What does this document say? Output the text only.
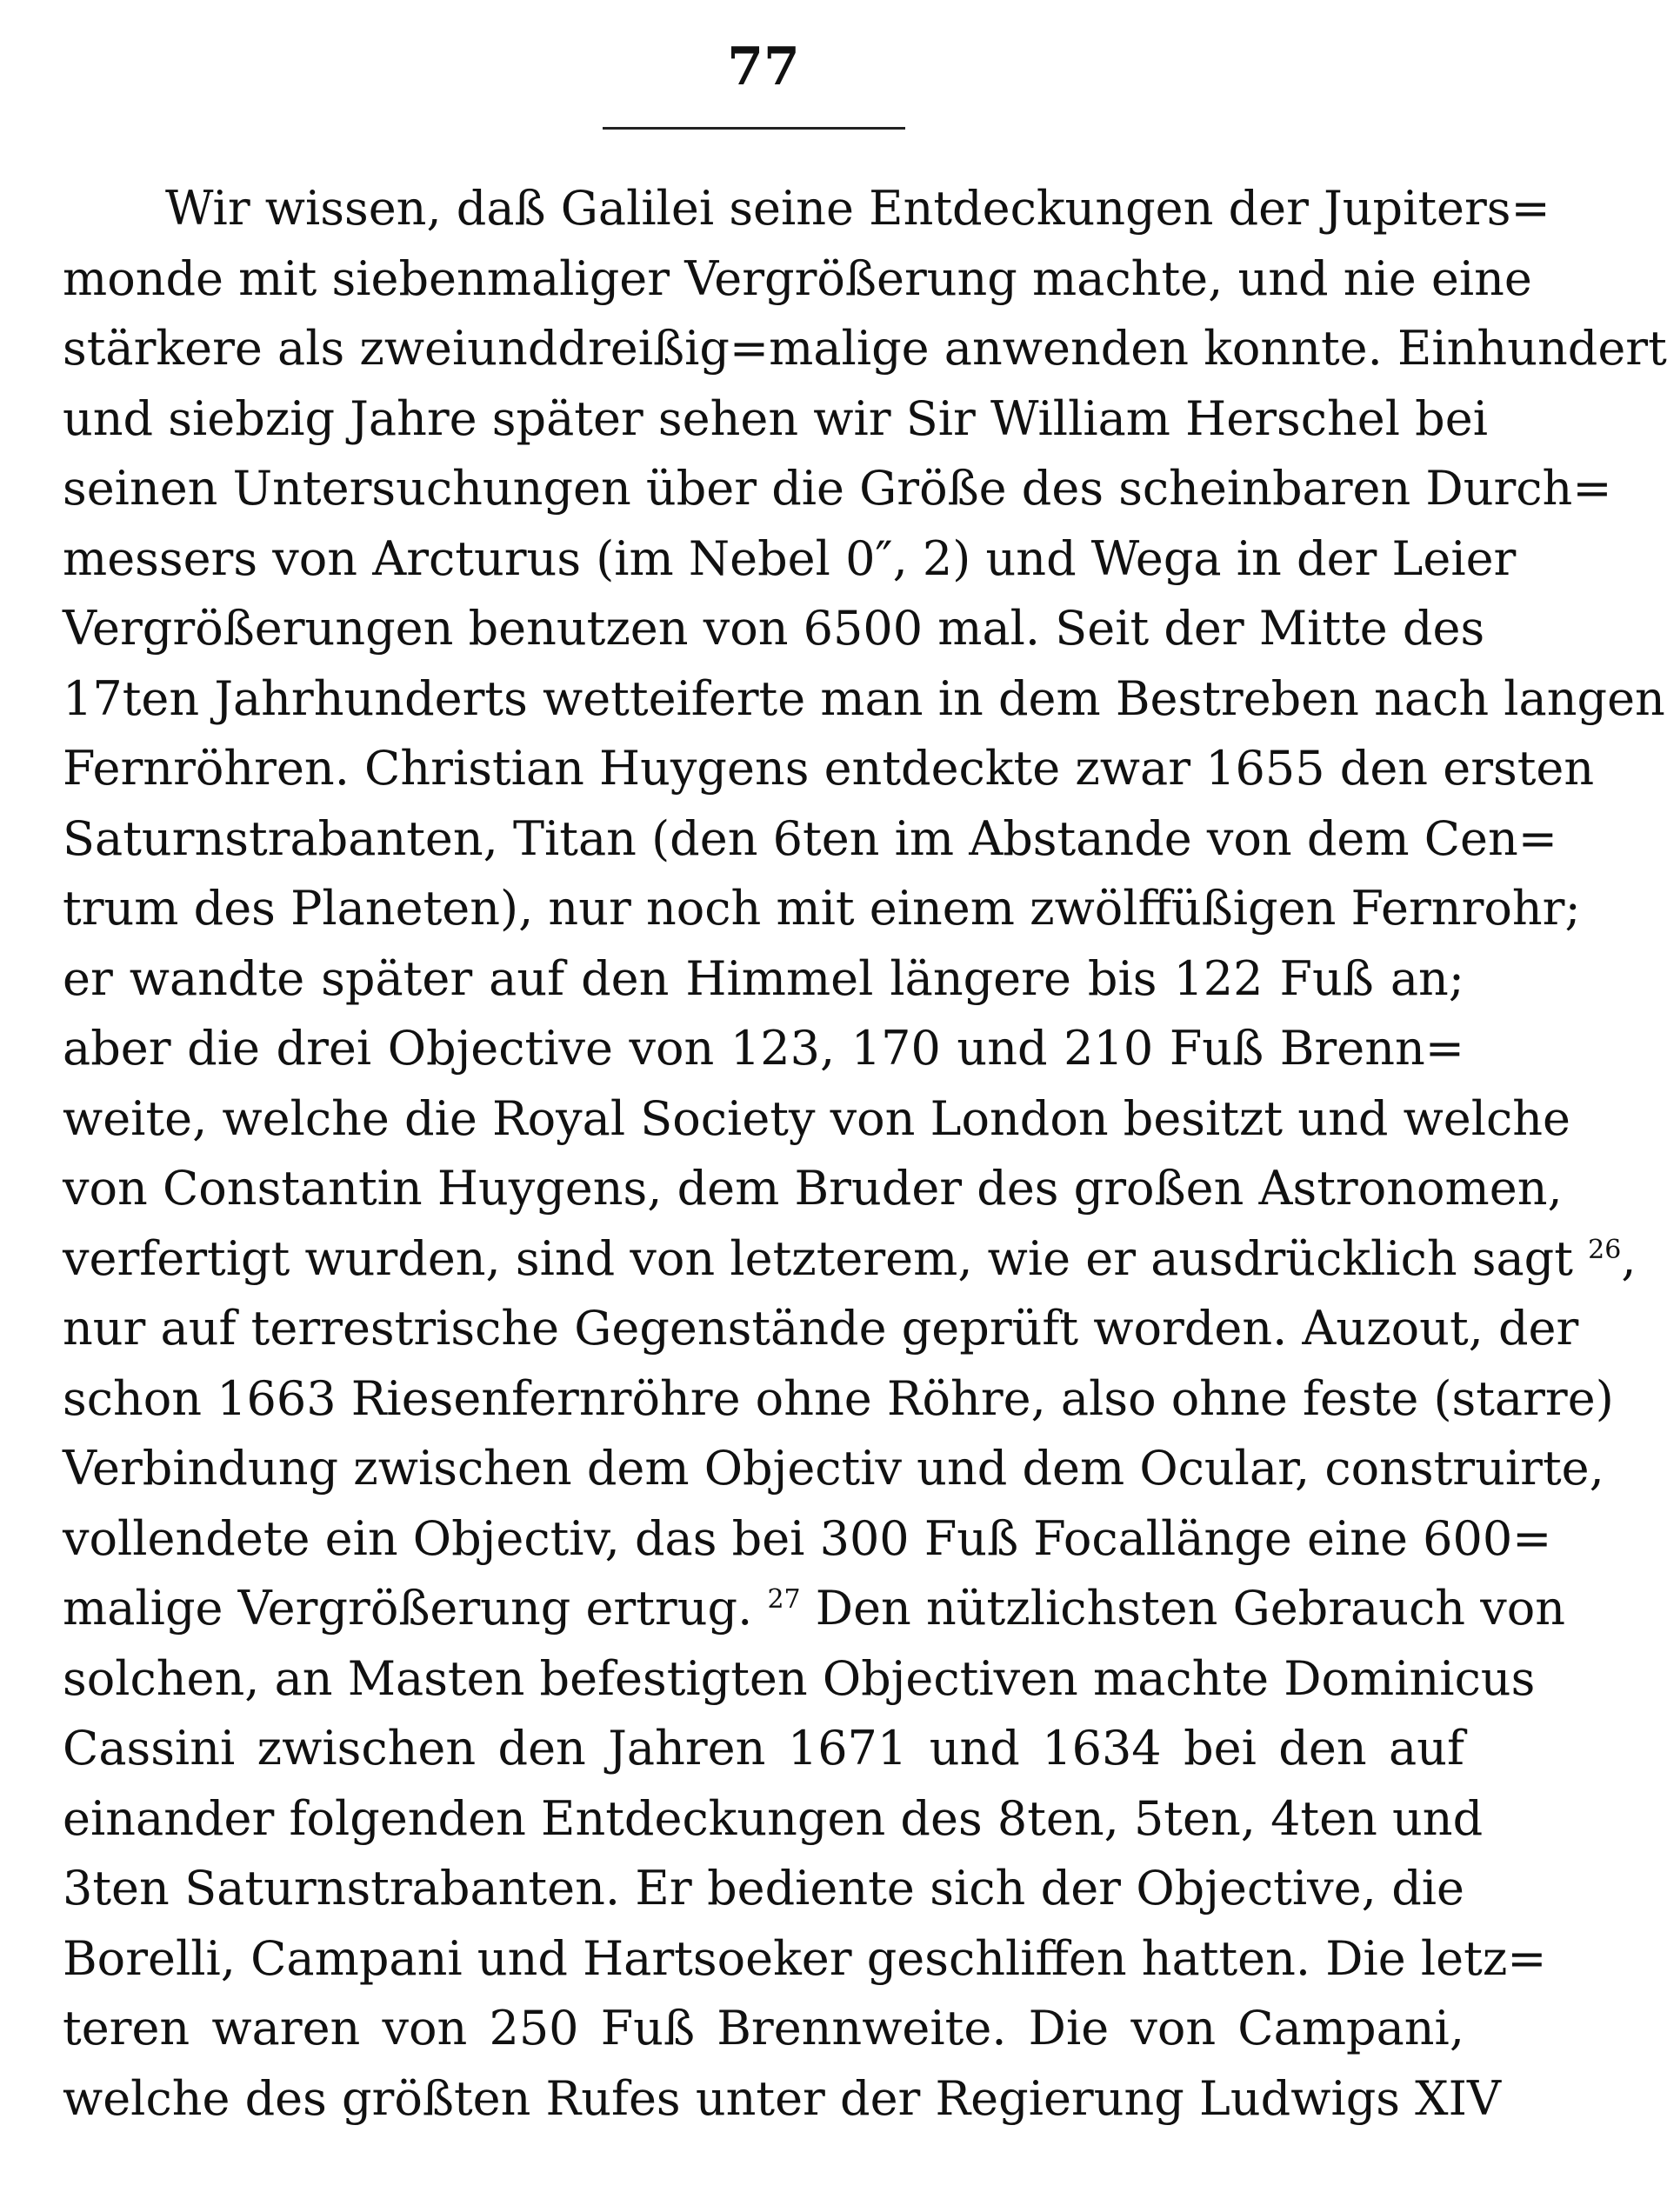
77
Wir wissen, daß Galilei seine Entdeckungen der Jupiters=
monde mit siebenmaliger Vergrößerung machte, und nie eine
stärkere als zweiunddreißig=malige anwenden konnte. Einhundert
und siebzig Jahre später sehen wir Sir William Herschel bei
seinen Untersuchungen über die Größe des scheinbaren Durch=
messers von Arcturus (im Nebel 0″, 2) und Wega in der Leier
Vergrößerungen benutzen von 6500 mal. Seit der Mitte des
17ten Jahrhunderts wetteiferte man in dem Bestreben nach langen
Fernröhren. Christian Huygens entdeckte zwar 1655 den ersten
Saturnstrabanten, Titan (den 6ten im Abstande von dem Cen=
trum des Planeten), nur noch mit einem zwölffüßigen Fernrohr;
er wandte später auf den Himmel längere bis 122 Fuß an;
aber die drei Objective von 123, 170 und 210 Fuß Brenn=
weite, welche die Royal Society von London besitzt und welche
von Constantin Huygens, dem Bruder des großen Astronomen,
verfertigt wurden, sind von letzterem, wie er ausdrücklich sagt $^{26}$,
nur auf terrestrische Gegenstände geprüft worden. Auzout, der
schon 1663 Riesenfernröhre ohne Röhre, also ohne feste (starre)
Verbindung zwischen dem Objectiv und dem Ocular, construirte,
vollendete ein Objectiv, das bei 300 Fuß Focallänge eine 600=
malige Vergrößerung ertrug. $^{27}$ Den nützlichsten Gebrauch von
solchen, an Masten befestigten Objectiven machte Dominicus
Cassini zwischen den Jahren 1671 und 1634 bei den auf
einander folgenden Entdeckungen des 8ten, 5ten, 4ten und
3ten Saturnstrabanten. Er bediente sich der Objective, die
Borelli, Campani und Hartsoeker geschliffen hatten. Die letz=
teren waren von 250 Fuß Brennweite. Die von Campani,
welche des größten Rufes unter der Regierung Ludwigs XIV
